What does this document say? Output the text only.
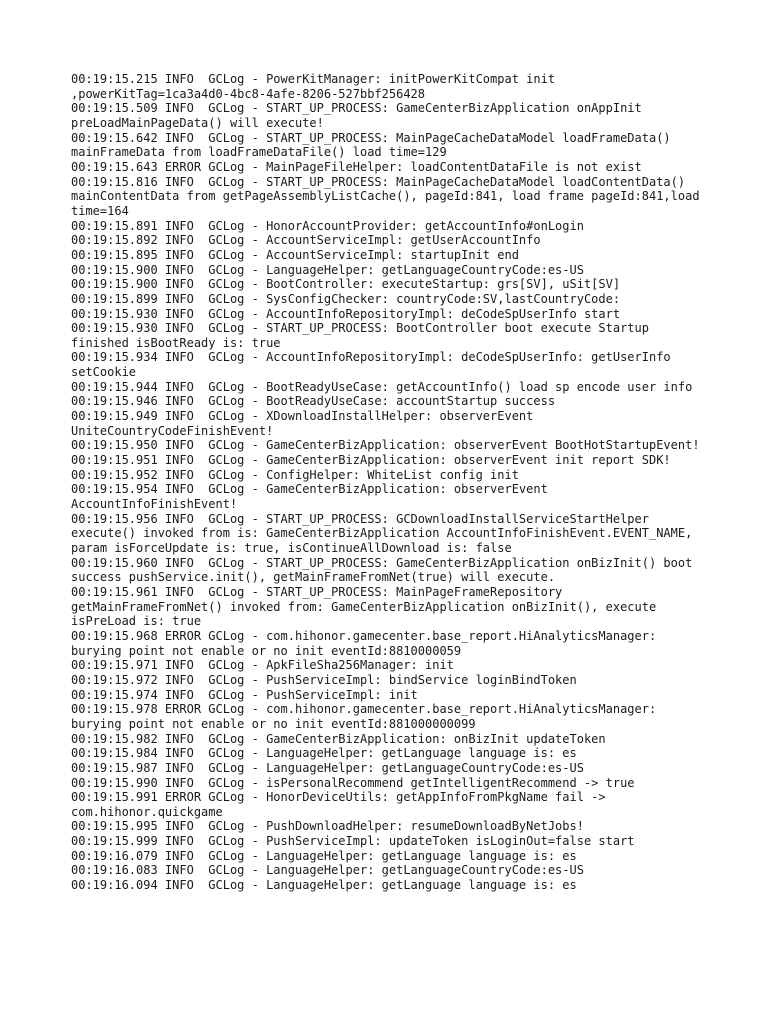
00:19:15.215 INFO  GCLog - PowerKitManager: initPowerKitCompat init ,powerKitTag=1ca3a4d0-4bc8-4afe-8206-527bbf256428
00:19:15.509 INFO  GCLog - START_UP_PROCESS: GameCenterBizApplication onAppInit preLoadMainPageData() will execute!
00:19:15.642 INFO  GCLog - START_UP_PROCESS: MainPageCacheDataModel loadFrameData() mainFrameData from loadFrameDataFile() load time=129
00:19:15.643 ERROR GCLog - MainPageFileHelper: loadContentDataFile is not exist
00:19:15.816 INFO  GCLog - START_UP_PROCESS: MainPageCacheDataModel loadContentData() mainContentData from getPageAssemblyListCache(), pageId:841, load frame pageId:841,load time=164
00:19:15.891 INFO  GCLog - HonorAccountProvider: getAccountInfo#onLogin
00:19:15.892 INFO  GCLog - AccountServiceImpl: getUserAccountInfo
00:19:15.895 INFO  GCLog - AccountServiceImpl: startupInit end
00:19:15.900 INFO  GCLog - LanguageHelper: getLanguageCountryCode:es-US
00:19:15.900 INFO  GCLog - BootController: executeStartup: grs[SV], uSit[SV]
00:19:15.899 INFO  GCLog - SysConfigChecker: countryCode:SV,lastCountryCode:
00:19:15.930 INFO  GCLog - AccountInfoRepositoryImpl: deCodeSpUserInfo start
00:19:15.930 INFO  GCLog - START_UP_PROCESS: BootController boot execute Startup finished isBootReady is: true
00:19:15.934 INFO  GCLog - AccountInfoRepositoryImpl: deCodeSpUserInfo: getUserInfo setCookie
00:19:15.944 INFO  GCLog - BootReadyUseCase: getAccountInfo() load sp encode user info
00:19:15.946 INFO  GCLog - BootReadyUseCase: accountStartup success
00:19:15.949 INFO  GCLog - XDownloadInstallHelper: observerEvent UniteCountryCodeFinishEvent!
00:19:15.950 INFO  GCLog - GameCenterBizApplication: observerEvent BootHotStartupEvent!
00:19:15.951 INFO  GCLog - GameCenterBizApplication: observerEvent init report SDK!
00:19:15.952 INFO  GCLog - ConfigHelper: WhiteList config init
00:19:15.954 INFO  GCLog - GameCenterBizApplication: observerEvent AccountInfoFinishEvent!
00:19:15.956 INFO  GCLog - START_UP_PROCESS: GCDownloadInstallServiceStartHelper execute() invoked from is: GameCenterBizApplication AccountInfoFinishEvent.EVENT_NAME, param isForceUpdate is: true, isContinueAllDownload is: false
00:19:15.960 INFO  GCLog - START_UP_PROCESS: GameCenterBizApplication onBizInit() boot success pushService.init(), getMainFrameFromNet(true) will execute.
00:19:15.961 INFO  GCLog - START_UP_PROCESS: MainPageFrameRepository getMainFrameFromNet() invoked from: GameCenterBizApplication onBizInit(), execute isPreLoad is: true
00:19:15.968 ERROR GCLog - com.hihonor.gamecenter.base_report.HiAnalyticsManager: burying point not enable or no init eventId:8810000059
00:19:15.971 INFO  GCLog - ApkFileSha256Manager: init
00:19:15.972 INFO  GCLog - PushServiceImpl: bindService loginBindToken
00:19:15.974 INFO  GCLog - PushServiceImpl: init
00:19:15.978 ERROR GCLog - com.hihonor.gamecenter.base_report.HiAnalyticsManager: burying point not enable or no init eventId:881000000099
00:19:15.982 INFO  GCLog - GameCenterBizApplication: onBizInit updateToken
00:19:15.984 INFO  GCLog - LanguageHelper: getLanguage language is: es
00:19:15.987 INFO  GCLog - LanguageHelper: getLanguageCountryCode:es-US
00:19:15.990 INFO  GCLog - isPersonalRecommend getIntelligentRecommend -> true
00:19:15.991 ERROR GCLog - HonorDeviceUtils: getAppInfoFromPkgName fail -> com.hihonor.quickgame
00:19:15.995 INFO  GCLog - PushDownloadHelper: resumeDownloadByNetJobs!
00:19:15.999 INFO  GCLog - PushServiceImpl: updateToken isLoginOut=false start
00:19:16.079 INFO  GCLog - LanguageHelper: getLanguage language is: es
00:19:16.083 INFO  GCLog - LanguageHelper: getLanguageCountryCode:es-US
00:19:16.094 INFO  GCLog - LanguageHelper: getLanguage language is: es
